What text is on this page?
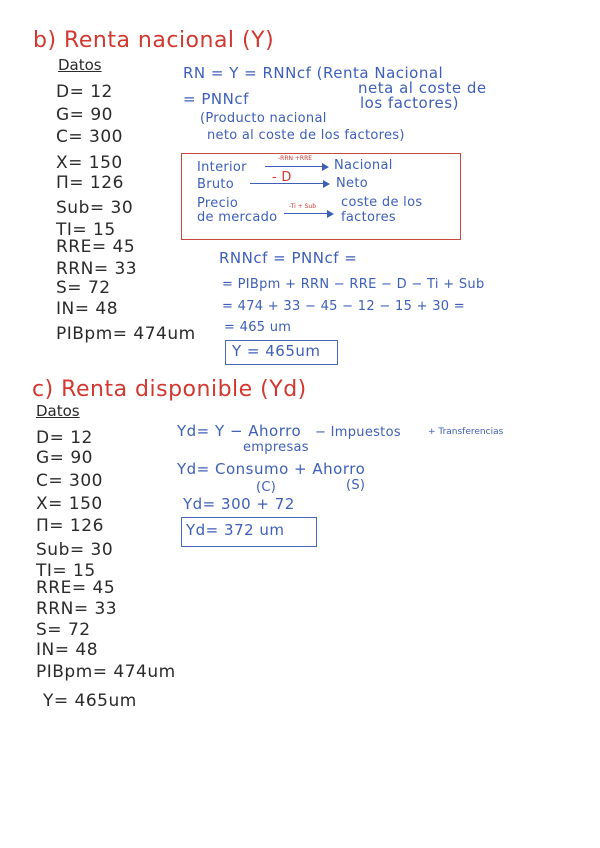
b) Renta nacional (Y)
Datos
D= 12
G= 90
C= 300
X= 150
Π= 126
Sub= 30
TI= 15
RRE= 45
RRN= 33
S= 72
IN= 48
PIBpm= 474um
RN = Y = RNNcf (Renta Nacional
neta al coste de
los factores)
= PNNcf
(Producto nacional
neto al coste de los factores)
Interior
-RRN +RRE Nacional
Bruto	- D	Neto
Precio
de mercado
-Ti + Sub coste de los
factores
RNNcf = PNNcf =
= PIBpm + RRN − RRE − D − Ti + Sub
= 474 + 33 − 45 − 12 − 15 + 30 =
= 465 um
Y = 465um
c) Renta disponible (Yd)
Datos
D= 12
G= 90
C= 300
X= 150
Π= 126
Sub= 30
TI= 15
RRE= 45
RRN= 33
S= 72
IN= 48
PIBpm= 474um
Y= 465um
Yd= Y − Ahorro
empresas
− Impuestos	+ Transferencias
Yd= Consumo + Ahorro
(C)	(S)
Yd= 300 + 72
Yd= 372 um
